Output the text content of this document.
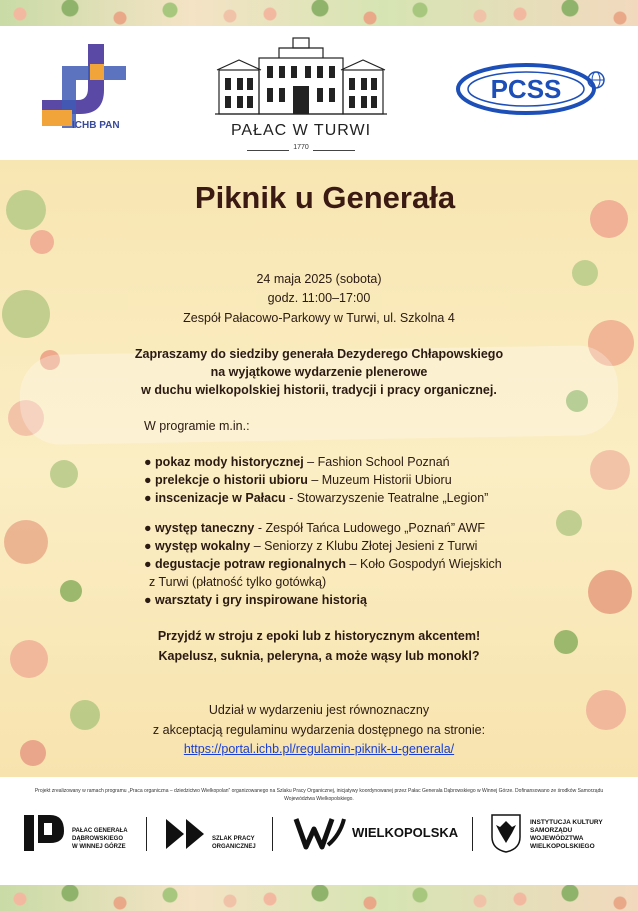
ICHB PAN	PAŁAC W TURWI
1770
PCSS
Piknik u Generała
24 maja 2025 (sobota)
godz. 11:00–17:00
Zespół Pałacowo-Parkowy w Turwi, ul. Szkolna 4
Zapraszamy do siedziby generała Dezyderego Chłapowskiego
na wyjątkowe wydarzenie plenerowe
w duchu wielkopolskiej historii, tradycji i pracy organicznej.
W programie m.in.:
● pokaz mody historycznej – Fashion School Poznań
● prelekcje o historii ubioru – Muzeum Historii Ubioru
● inscenizacje w Pałacu - Stowarzyszenie Teatralne „Legion”
● występ taneczny - Zespół Tańca Ludowego „Poznań” AWF
● występ wokalny – Seniorzy z Klubu Złotej Jesieni z Turwi
● degustacje potraw regionalnych – Koło Gospodyń Wiejskich
z Turwi (płatność tylko gotówką)
● warsztaty i gry inspirowane historią
Przyjdź w stroju z epoki lub z historycznym akcentem!
Kapelusz, suknia, peleryna, a może wąsy lub monokl?
Udział w wydarzeniu jest równoznaczny
z akceptacją regulaminu wydarzenia dostępnego na stronie:
https://portal.ichb.pl/regulamin-piknik-u-generala/
Projekt zrealizowany w ramach programu „Praca organiczna – dziedzictwo Wielkopolan” organizowanego na Szlaku Pracy Organicznej, inicjatywy koordynowanej przez Pałac Generała Dąbrowskiego w Winnej Górze. Dofinansowano ze środków Samorządu Województwa Wielkopolskiego.
PAŁAC GENERAŁA
DĄBROWSKIEGO
W WINNEJ GÓRZE
SZLAK PRACY
ORGANICZNEJ
WIELKOPOLSKA
INSTYTUCJA KULTURY
SAMORZĄDU
WOJEWÓDZTWA
WIELKOPOLSKIEGO
